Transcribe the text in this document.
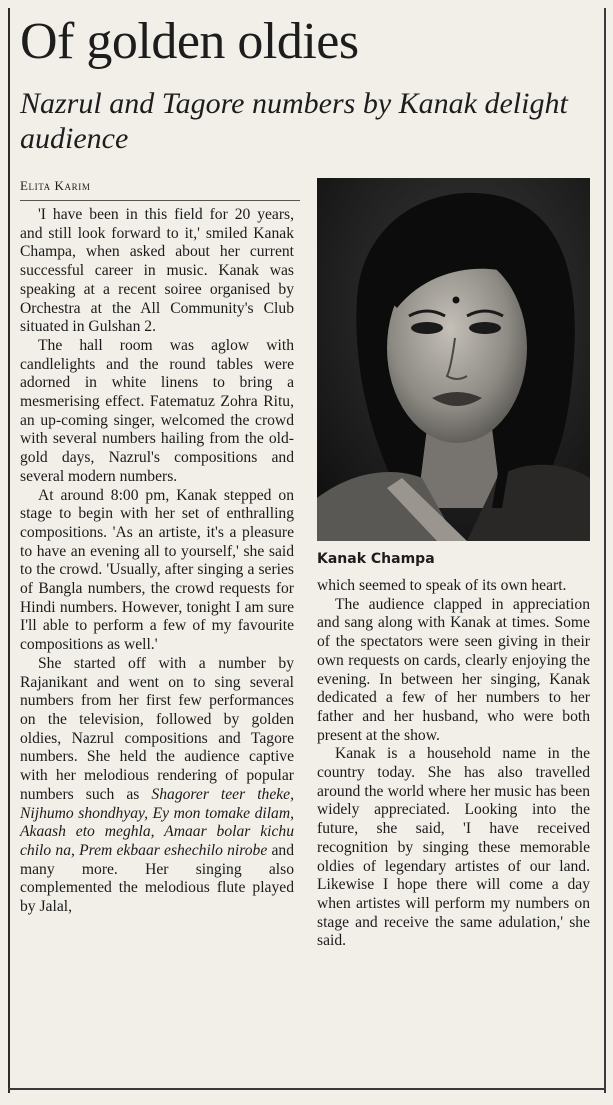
Of golden oldies
Nazrul and Tagore numbers by Kanak delight audience
Elita Karim
Kanak Champa

'I have been in this field for 20 years, and still look forward to it,' smiled Kanak Champa, when asked about her current successful career in music. Kanak was speaking at a recent soiree organised by Orchestra at the All Community's Club situated in Gulshan 2.

The hall room was aglow with candlelights and the round tables were adorned in white linens to bring a mesmerising effect. Fatematuz Zohra Ritu, an up-coming singer, welcomed the crowd with several numbers hailing from the old-gold days, Nazrul's compositions and several modern numbers.

At around 8:00 pm, Kanak stepped on stage to begin with her set of enthralling compositions. 'As an artiste, it's a pleasure to have an evening all to yourself,' she said to the crowd. 'Usually, after singing a series of Bangla numbers, the crowd requests for Hindi numbers. However, tonight I am sure I'll able to perform a few of my favourite compositions as well.'

She started off with a number by Rajanikant and went on to sing several numbers from her first few performances on the television, followed by golden oldies, Nazrul compositions and Tagore numbers. She held the audience captive with her melodious rendering of popular numbers such as Shagorer teer theke, Nijhumo shondhyay, Ey mon tomake dilam, Akaash eto meghla, Amaar bolar kichu chilo na, Prem ekbaar eshechilo nirobe and many more. Her singing also complemented the melodious flute played by Jalal,

which seemed to speak of its own heart.

The audience clapped in appreciation and sang along with Kanak at times. Some of the spectators were seen giving in their own requests on cards, clearly enjoying the evening. In between her singing, Kanak dedicated a few of her numbers to her father and her husband, who were both present at the show.

Kanak is a household name in the country today. She has also travelled around the world where her music has been widely appreciated. Looking into the future, she said, 'I have received recognition by singing these memorable oldies of legendary artistes of our land. Likewise I hope there will come a day when artistes will perform my numbers on stage and receive the same adulation,' she said.
